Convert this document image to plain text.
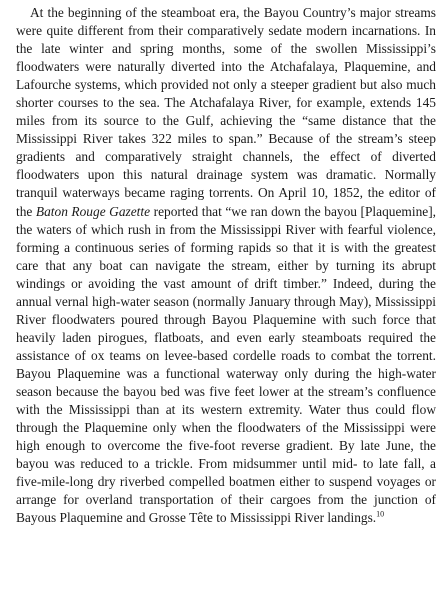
At the beginning of the steamboat era, the Bayou Country’s major streams were quite different from their comparatively sedate modern incarnations. In the late winter and spring months, some of the swollen Mississippi’s floodwaters were naturally diverted into the Atchafalaya, Plaquemine, and Lafourche systems, which provided not only a steeper gradient but also much shorter courses to the sea. The Atchafalaya River, for example, extends 145 miles from its source to the Gulf, achieving the “same distance that the Mississippi River takes 322 miles to span.” Because of the stream’s steep gradients and comparatively straight channels, the effect of diverted floodwaters upon this natural drainage system was dramatic. Normally tranquil waterways became raging torrents. On April 10, 1852, the editor of the Baton Rouge Gazette reported that “we ran down the bayou [Plaquemine], the waters of which rush in from the Mississippi River with fearful violence, forming a continuous series of forming rapids so that it is with the greatest care that any boat can navigate the stream, either by turning its abrupt windings or avoiding the vast amount of drift timber.” Indeed, during the annual vernal high-water season (normally January through May), Mississippi River floodwaters poured through Bayou Plaquemine with such force that heavily laden pirogues, flatboats, and even early steamboats required the assistance of ox teams on levee-based cordelle roads to combat the torrent. Bayou Plaquemine was a functional waterway only during the high-water season because the bayou bed was five feet lower at the stream’s confluence with the Mississippi than at its western extremity. Water thus could flow through the Plaquemine only when the floodwaters of the Mississippi were high enough to overcome the five-foot reverse gradient. By late June, the bayou was reduced to a trickle. From midsummer until mid- to late fall, a five-mile-long dry riverbed compelled boatmen either to suspend voyages or arrange for overland transportation of their cargoes from the junction of Bayous Plaquemine and Grosse Tête to Mississippi River landings.$^{10}$
